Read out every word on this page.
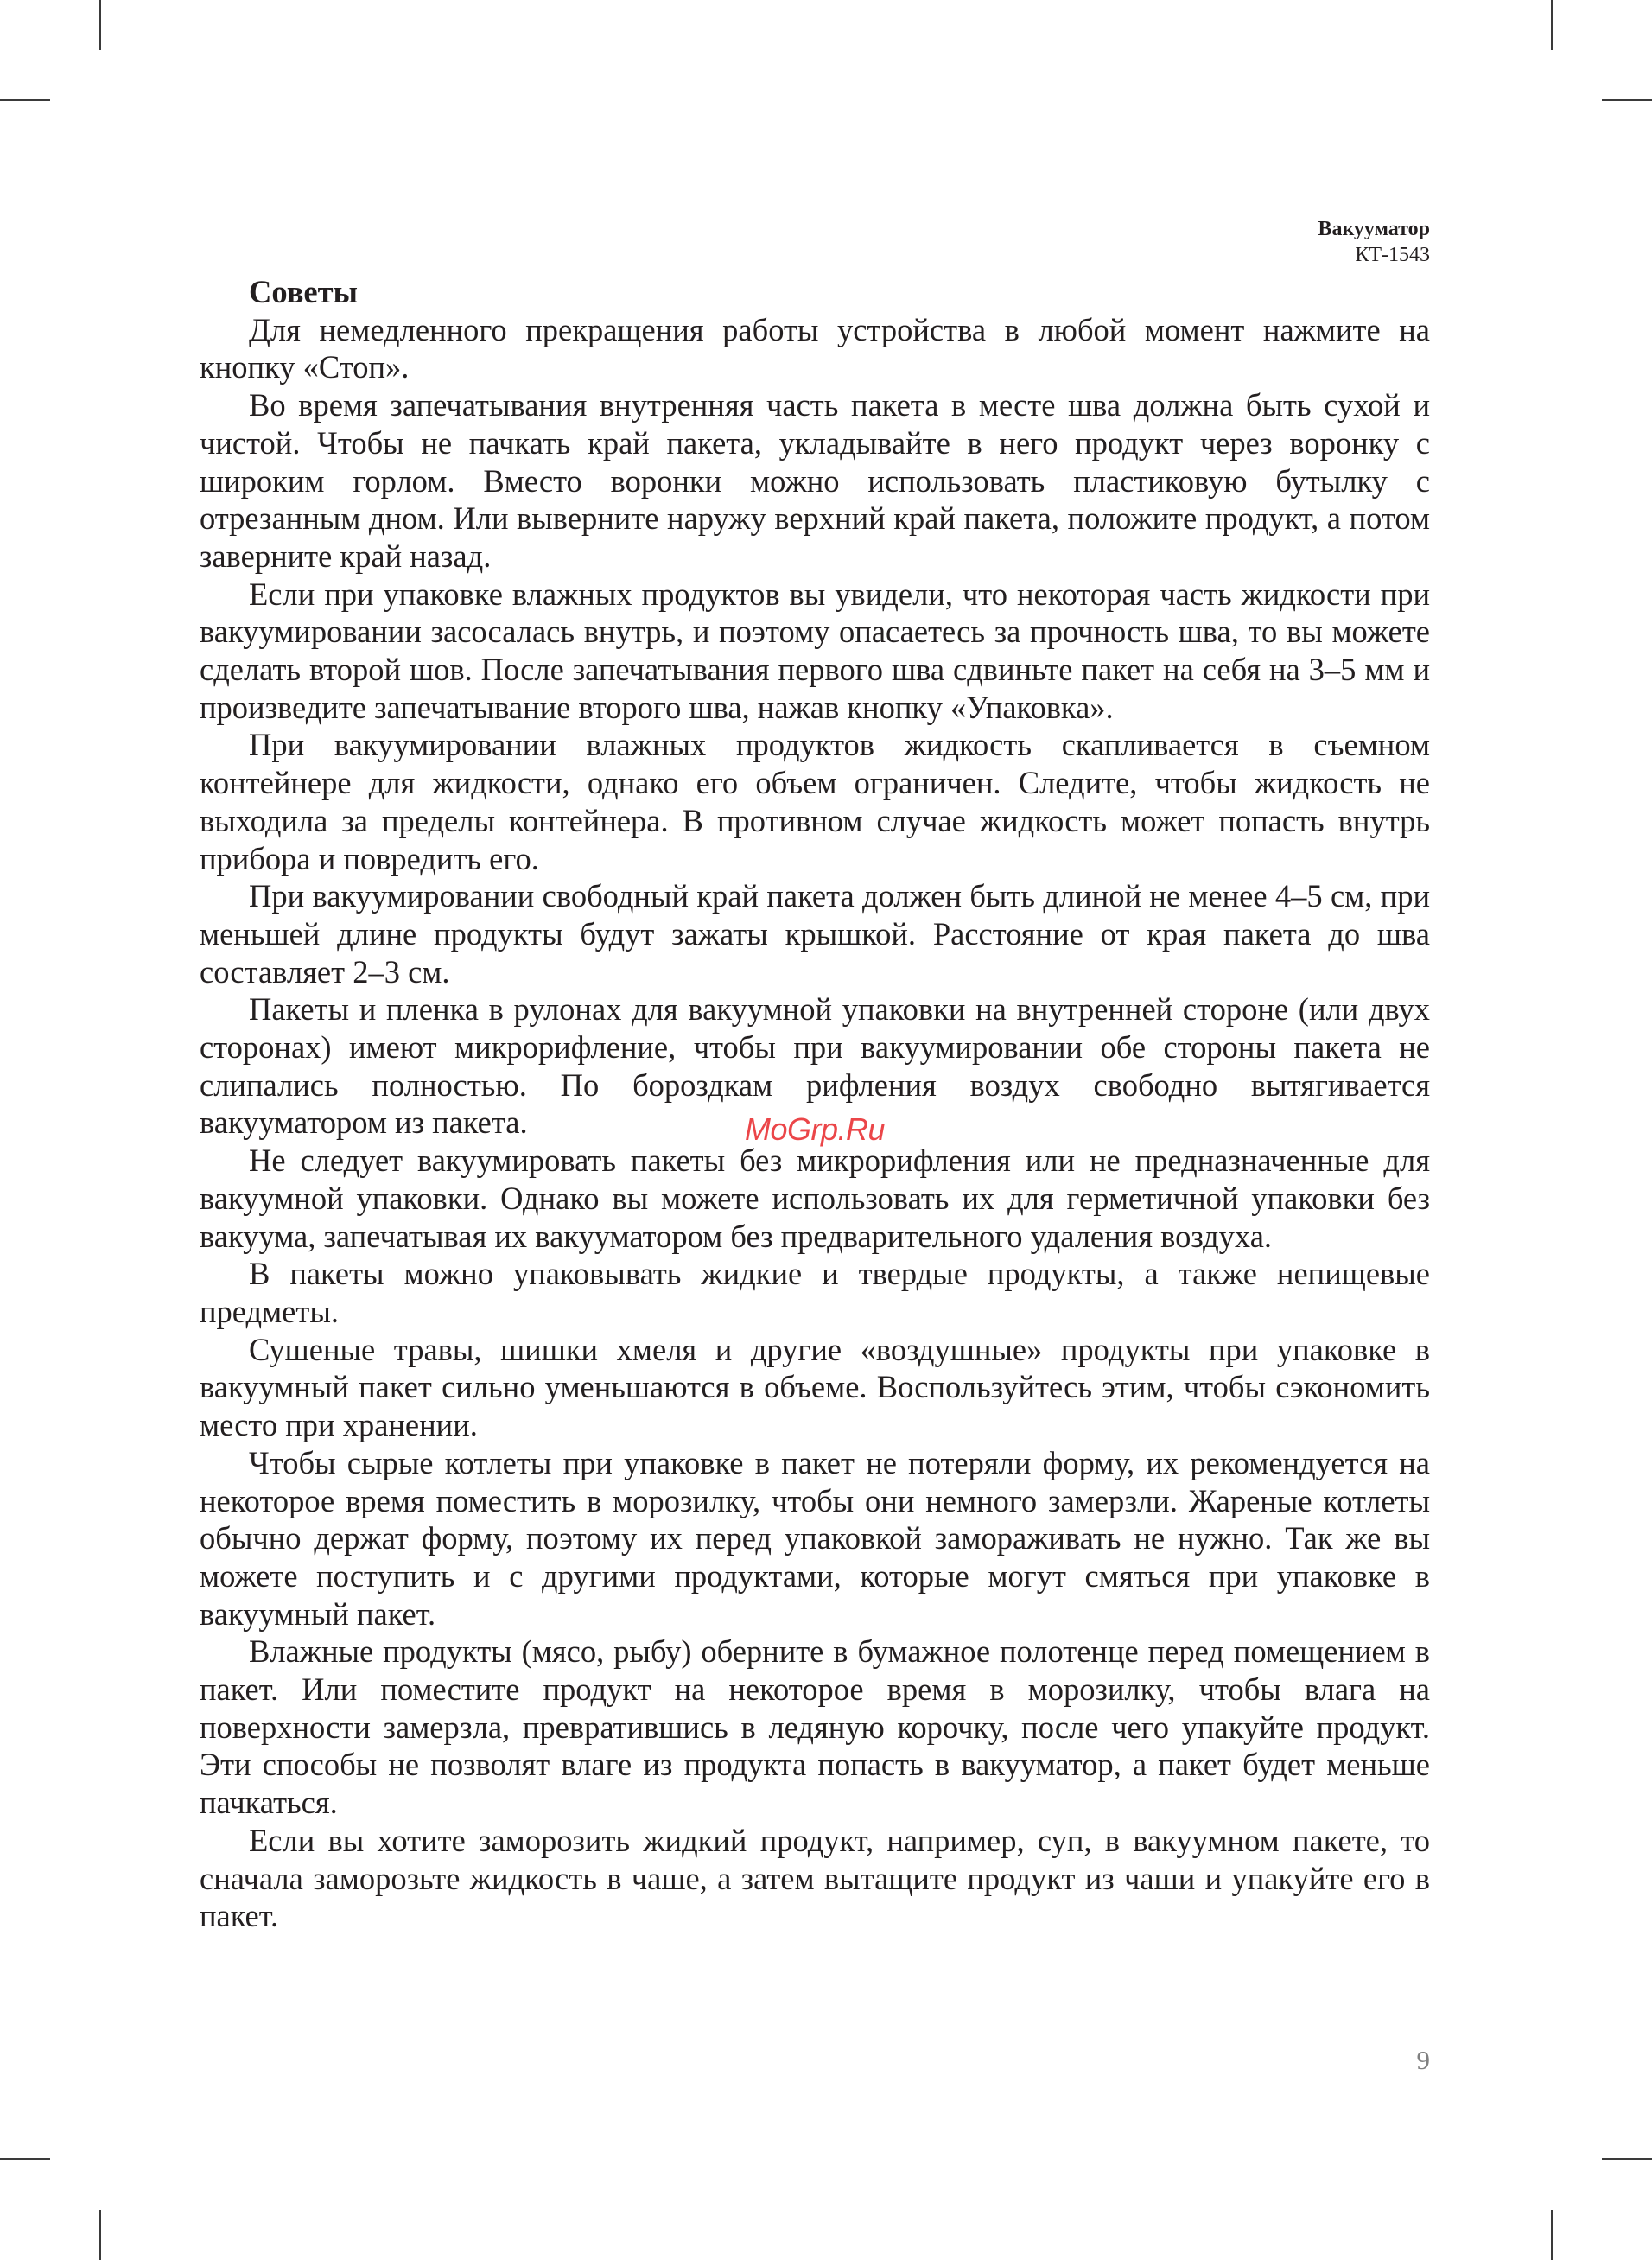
Вакууматор
КТ-1543
Советы

Для немедленного прекращения работы устройства в любой момент нажмите на кнопку «Стоп».

Во время запечатывания внутренняя часть пакета в месте шва должна быть сухой и чистой. Чтобы не пачкать край пакета, укладывайте в него продукт через воронку с широким горлом. Вместо воронки можно использовать пластиковую бутылку с отрезанным дном. Или выверните наружу верхний край пакета, положите продукт, а потом заверните край назад.

Если при упаковке влажных продуктов вы увидели, что некоторая часть жидкости при вакуумировании засосалась внутрь, и поэтому опасаетесь за прочность шва, то вы можете сделать второй шов. После запечатывания первого шва сдвиньте пакет на себя на 3–5 мм и произведите запечатывание второго шва, нажав кнопку «Упаковка».

При вакуумировании влажных продуктов жидкость скапливается в съемном контейнере для жидкости, однако его объем ограничен. Следите, чтобы жидкость не выходила за пределы контейнера. В противном случае жидкость может попасть внутрь прибора и повредить его.

При вакуумировании свободный край пакета должен быть длиной не менее 4–5 см, при меньшей длине продукты будут зажаты крышкой. Расстояние от края пакета до шва составляет 2–3 см.

Пакеты и пленка в рулонах для вакуумной упаковки на внутренней стороне (или двух сторонах) имеют микрорифление, чтобы при вакуумировании обе стороны пакета не слипались полностью. По бороздкам рифления воздух свободно вытягивается вакууматором из пакета.

Не следует вакуумировать пакеты без микрорифления или не предназначенные для вакуумной упаковки. Однако вы можете использовать их для герметичной упаковки без вакуума, запечатывая их вакууматором без предварительного удаления воздуха.

В пакеты можно упаковывать жидкие и твердые продукты, а также непищевые предметы.

Сушеные травы, шишки хмеля и другие «воздушные» продукты при упаковке в вакуумный пакет сильно уменьшаются в объеме. Воспользуйтесь этим, чтобы сэкономить место при хранении.

Чтобы сырые котлеты при упаковке в пакет не потеряли форму, их рекомендуется на некоторое время поместить в морозилку, чтобы они немного замерзли. Жареные котлеты обычно держат форму, поэтому их перед упаковкой замораживать не нужно. Так же вы можете поступить и с другими продуктами, которые могут смяться при упаковке в вакуумный пакет.

Влажные продукты (мясо, рыбу) оберните в бумажное полотенце перед помещением в пакет. Или поместите продукт на некоторое время в морозилку, чтобы влага на поверхности замерзла, превратившись в ледяную корочку, после чего упакуйте продукт. Эти способы не позволят влаге из продукта попасть в вакууматор, а пакет будет меньше пачкаться.

Если вы хотите заморозить жидкий продукт, например, суп, в вакуумном пакете, то сначала заморозьте жидкость в чаше, а затем вытащите продукт из чаши и упакуйте его в пакет.

MoGrp.Ru
9
